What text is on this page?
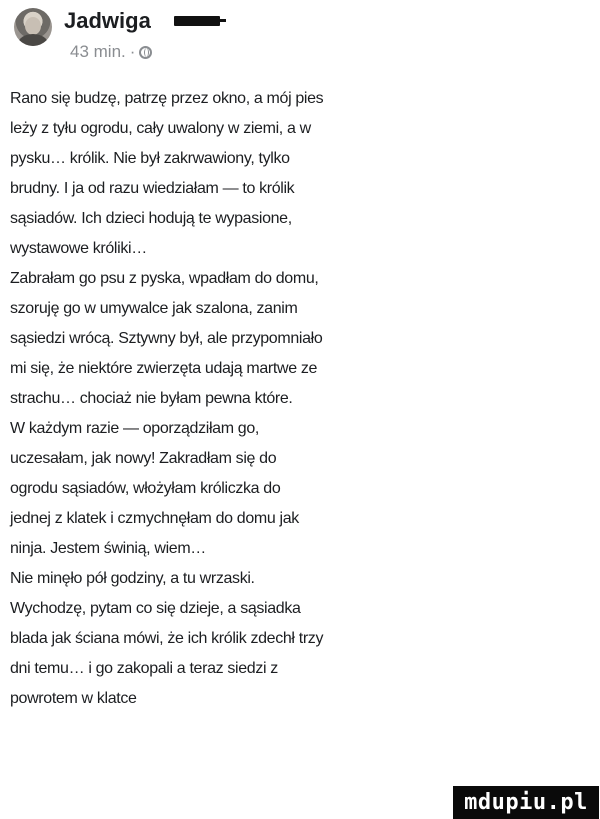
Jadwiga
43 min. ·
Rano się budzę, patrzę przez okno, a mój pies
leży z tyłu ogrodu, cały uwalony w ziemi, a w
pysku… królik. Nie był zakrwawiony, tylko
brudny. I ja od razu wiedziałam — to królik
sąsiadów. Ich dzieci hodują te wypasione,
wystawowe króliki…
Zabrałam go psu z pyska, wpadłam do domu,
szoruję go w umywalce jak szalona, zanim
sąsiedzi wrócą. Sztywny był, ale przypomniało
mi się, że niektóre zwierzęta udają martwe ze
strachu… chociaż nie byłam pewna które.
W każdym razie — oporządziłam go,
uczesałam, jak nowy! Zakradłam się do
ogrodu sąsiadów, włożyłam króliczka do
jednej z klatek i czmychnęłam do domu jak
ninja. Jestem świnią, wiem…
Nie minęło pół godziny, a tu wrzaski.
Wychodzę, pytam co się dzieje, a sąsiadka
blada jak ściana mówi, że ich królik zdechł trzy
dni temu… i go zakopali a teraz siedzi z
powrotem w klatce
mdupiu.pl
